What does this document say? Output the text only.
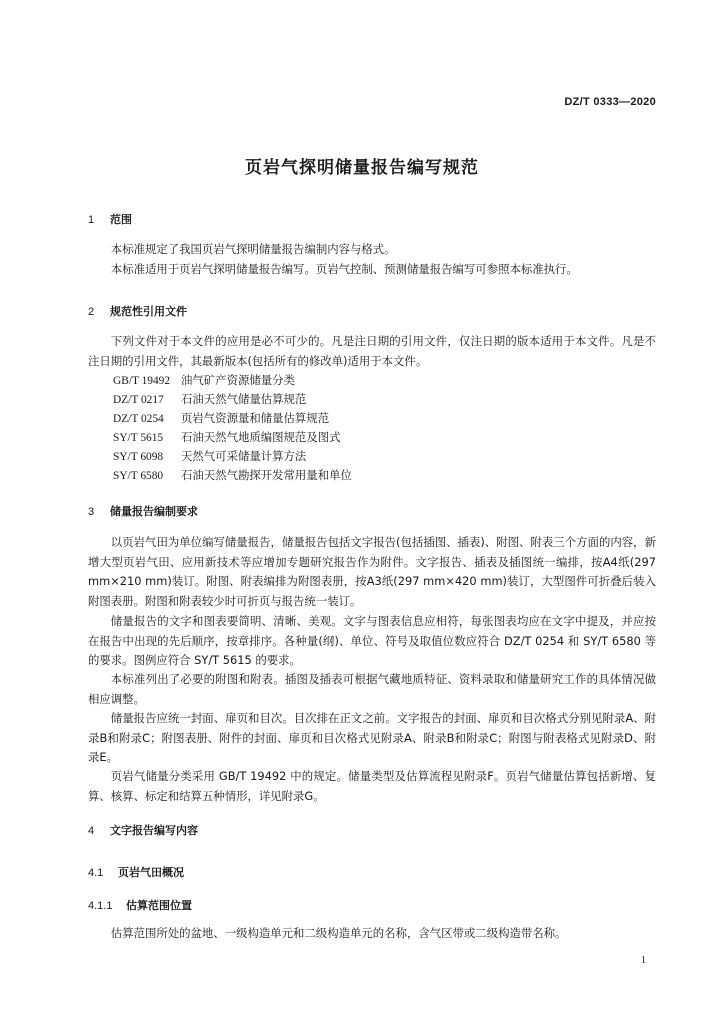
DZ/T 0333—2020
页岩气探明储量报告编写规范
1 范围
本标准规定了我国页岩气探明储量报告编制内容与格式。
本标准适用于页岩气探明储量报告编写。页岩气控制、预测储量报告编写可参照本标准执行。
2 规范性引用文件
下列文件对于本文件的应用是必不可少的。凡是注日期的引用文件，仅注日期的版本适用于本文件。凡是不注日期的引用文件，其最新版本(包括所有的修改单)适用于本文件。
GB/T 19492 油气矿产资源储量分类
DZ/T 0217 石油天然气储量估算规范
DZ/T 0254 页岩气资源量和储量估算规范
SY/T 5615 石油天然气地质编图规范及图式
SY/T 6098 天然气可采储量计算方法
SY/T 6580 石油天然气勘探开发常用量和单位
3 储量报告编制要求
以页岩气田为单位编写储量报告，储量报告包括文字报告(包括插图、插表)、附图、附表三个方面的内容，新增大型页岩气田、应用新技术等应增加专题研究报告作为附件。文字报告、插表及插图统一编排，按A4纸(297 mm×210 mm)装订。附图、附表编排为附图表册，按A3纸(297 mm×420 mm)装订，大型图件可折叠后装入附图表册。附图和附表较少时可折页与报告统一装订。
储量报告的文字和图表要简明、清晰、美观。文字与图表信息应相符，每张图表均应在文字中提及，并应按在报告中出现的先后顺序，按章排序。各种量(纲)、单位、符号及取值位数应符合 DZ/T 0254 和 SY/T 6580 等的要求。图例应符合 SY/T 5615 的要求。
本标准列出了必要的附图和附表。插图及插表可根据气藏地质特征、资料录取和储量研究工作的具体情况做相应调整。
储量报告应统一封面、扉页和目次。目次排在正文之前。文字报告的封面、扉页和目次格式分别见附录A、附录B和附录C；附图表册、附件的封面、扉页和目次格式见附录A、附录B和附录C；附图与附表格式见附录D、附录E。
页岩气储量分类采用 GB/T 19492 中的规定。储量类型及估算流程见附录F。页岩气储量估算包括新增、复算、核算、标定和结算五种情形，详见附录G。
4 文字报告编写内容
4.1 页岩气田概况
4.1.1 估算范围位置
估算范围所处的盆地、一级构造单元和二级构造单元的名称，含气区带或二级构造带名称。
1
